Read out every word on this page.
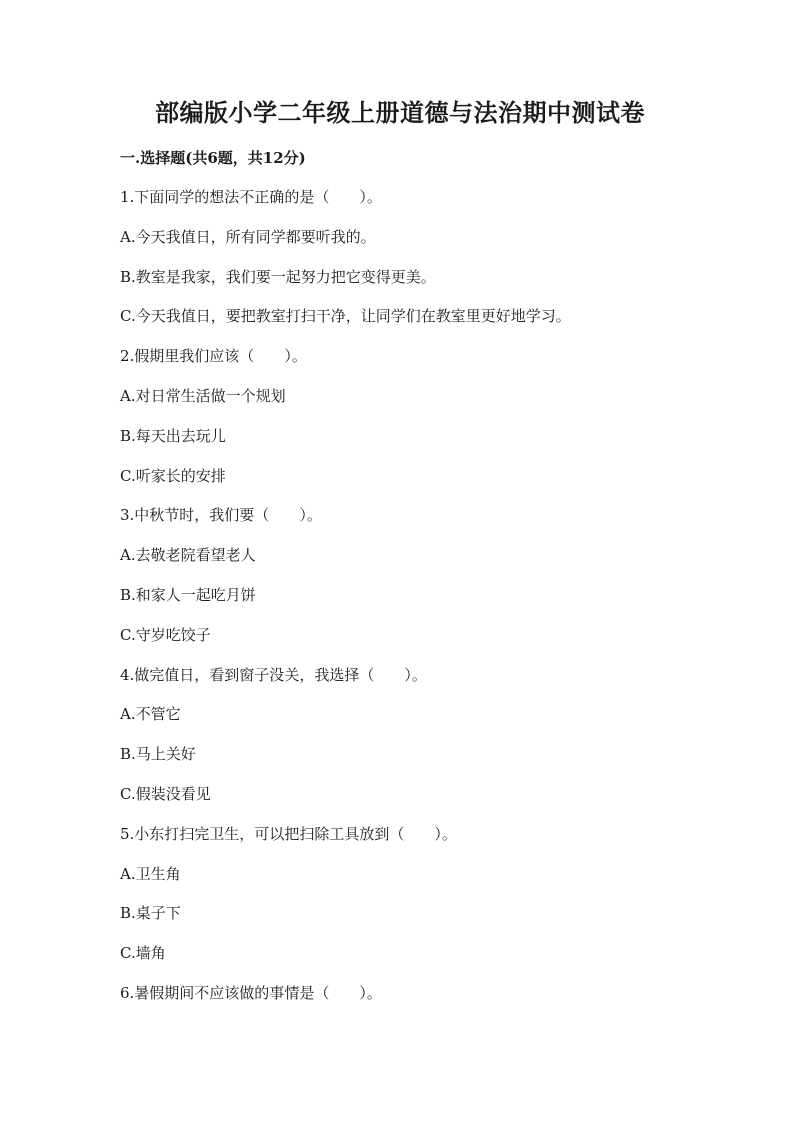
部编版小学二年级上册道德与法治期中测试卷
一.选择题(共6题，共12分)
1.下面同学的想法不正确的是（　　）。
A.今天我值日，所有同学都要听我的。
B.教室是我家，我们要一起努力把它变得更美。
C.今天我值日，要把教室打扫干净，让同学们在教室里更好地学习。
2.假期里我们应该（　　）。
A.对日常生活做一个规划
B.每天出去玩儿
C.听家长的安排
3.中秋节时，我们要（　　）。
A.去敬老院看望老人
B.和家人一起吃月饼
C.守岁吃饺子
4.做完值日，看到窗子没关，我选择（　　）。
A.不管它
B.马上关好
C.假装没看见
5.小东打扫完卫生，可以把扫除工具放到（　　）。
A.卫生角
B.桌子下
C.墙角
6.暑假期间不应该做的事情是（　　）。
